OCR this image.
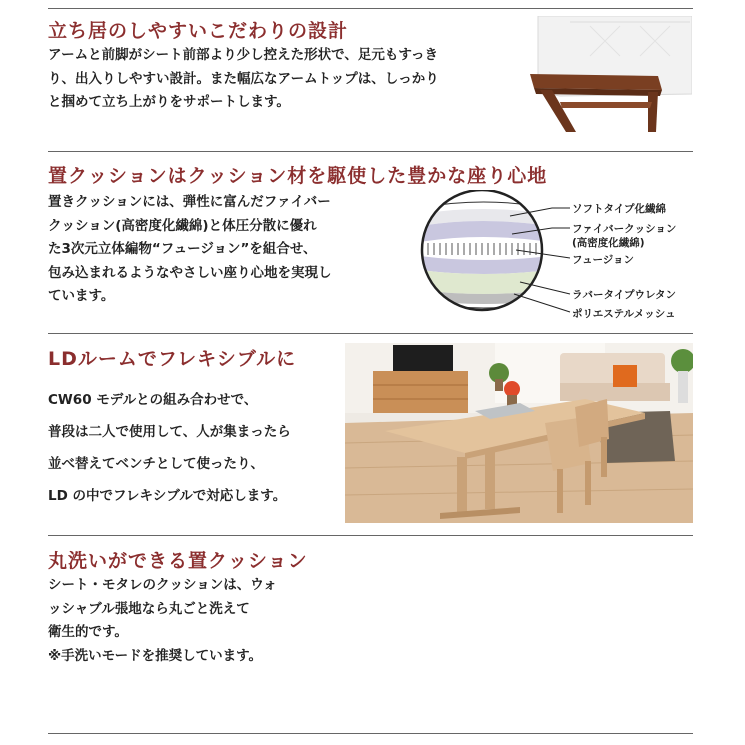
立ち居のしやすいこだわりの設計
アームと前脚がシート前部より少し控えた形状で、足元もすっき
り、出入りしやすい設計。また幅広なアームトップは、しっかり
と掴めて立ち上がりをサポートします。
置クッションはクッション材を駆使した豊かな座り心地
置きクッションには、弾性に富んだファイバー
クッション(高密度化繊綿)と体圧分散に優れ
た3次元立体編物“フュージョン”を組合せ、
包み込まれるようなやさしい座り心地を実現し
ています。
ソフトタイプ化繊綿
ファイバークッション
(高密度化繊綿)
フュージョン
ラバータイプウレタン
ポリエステルメッシュ
LDルームでフレキシブルに
CW60 モデルとの組み合わせで、
普段は二人で使用して、人が集まったら
並べ替えてベンチとして使ったり、
LD の中でフレキシブルで対応します。
丸洗いができる置クッション
シート・モタレのクッションは、ウォ
ッシャブル張地なら丸ごと洗えて
衛生的です。
※手洗いモードを推奨しています。
